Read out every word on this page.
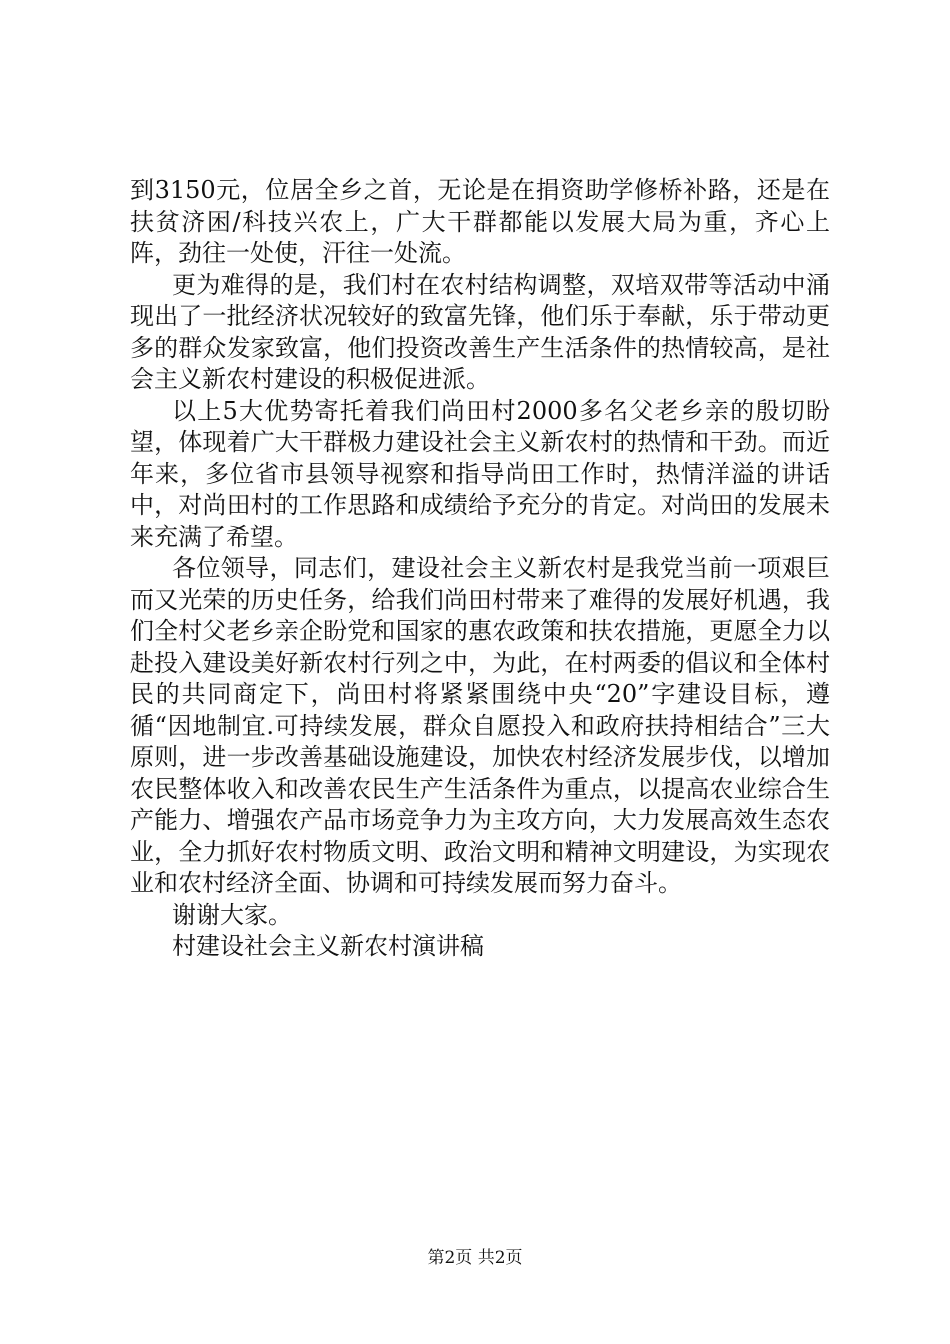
到3150元，位居全乡之首，无论是在捐资助学修桥补路，还是在扶贫济困/科技兴农上，广大干群都能以发展大局为重，齐心上阵，劲往一处使，汗往一处流。

更为难得的是，我们村在农村结构调整，双培双带等活动中涌现出了一批经济状况较好的致富先锋，他们乐于奉献，乐于带动更多的群众发家致富，他们投资改善生产生活条件的热情较高，是社会主义新农村建设的积极促进派。

以上5大优势寄托着我们尚田村2000多名父老乡亲的殷切盼望，体现着广大干群极力建设社会主义新农村的热情和干劲。而近年来，多位省市县领导视察和指导尚田工作时，热情洋溢的讲话中，对尚田村的工作思路和成绩给予充分的肯定。对尚田的发展未来充满了希望。

各位领导，同志们，建设社会主义新农村是我党当前一项艰巨而又光荣的历史任务，给我们尚田村带来了难得的发展好机遇，我们全村父老乡亲企盼党和国家的惠农政策和扶农措施，更愿全力以赴投入建设美好新农村行列之中，为此，在村两委的倡议和全体村民的共同商定下，尚田村将紧紧围绕中央“20”字建设目标，遵循“因地制宜.可持续发展，群众自愿投入和政府扶持相结合”三大原则，进一步改善基础设施建设，加快农村经济发展步伐，以增加农民整体收入和改善农民生产生活条件为重点，以提高农业综合生产能力、增强农产品市场竞争力为主攻方向，大力发展高效生态农业，全力抓好农村物质文明、政治文明和精神文明建设，为实现农业和农村经济全面、协调和可持续发展而努力奋斗。

谢谢大家。

村建设社会主义新农村演讲稿

第2页 共2页
